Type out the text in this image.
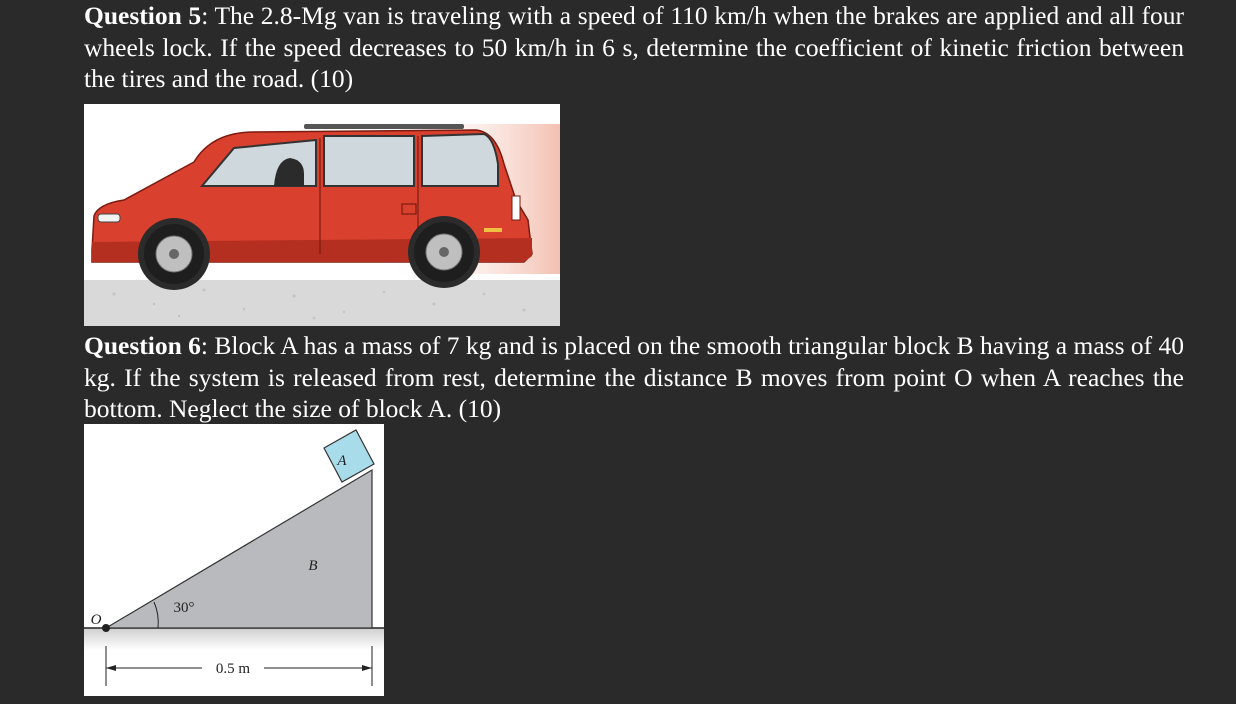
Question 5: The 2.8-Mg van is traveling with a speed of 110 km/h when the brakes are applied and all four wheels lock. If the speed decreases to 50 km/h in 6 s, determine the coefficient of kinetic friction between the tires and the road. (10)

Question 6: Block A has a mass of 7 kg and is placed on the smooth triangular block B having a mass of 40 kg. If the system is released from rest, determine the distance B moves from point O when A reaches the bottom. Neglect the size of block A. (10)

A
B
O
30°
0.5 m
